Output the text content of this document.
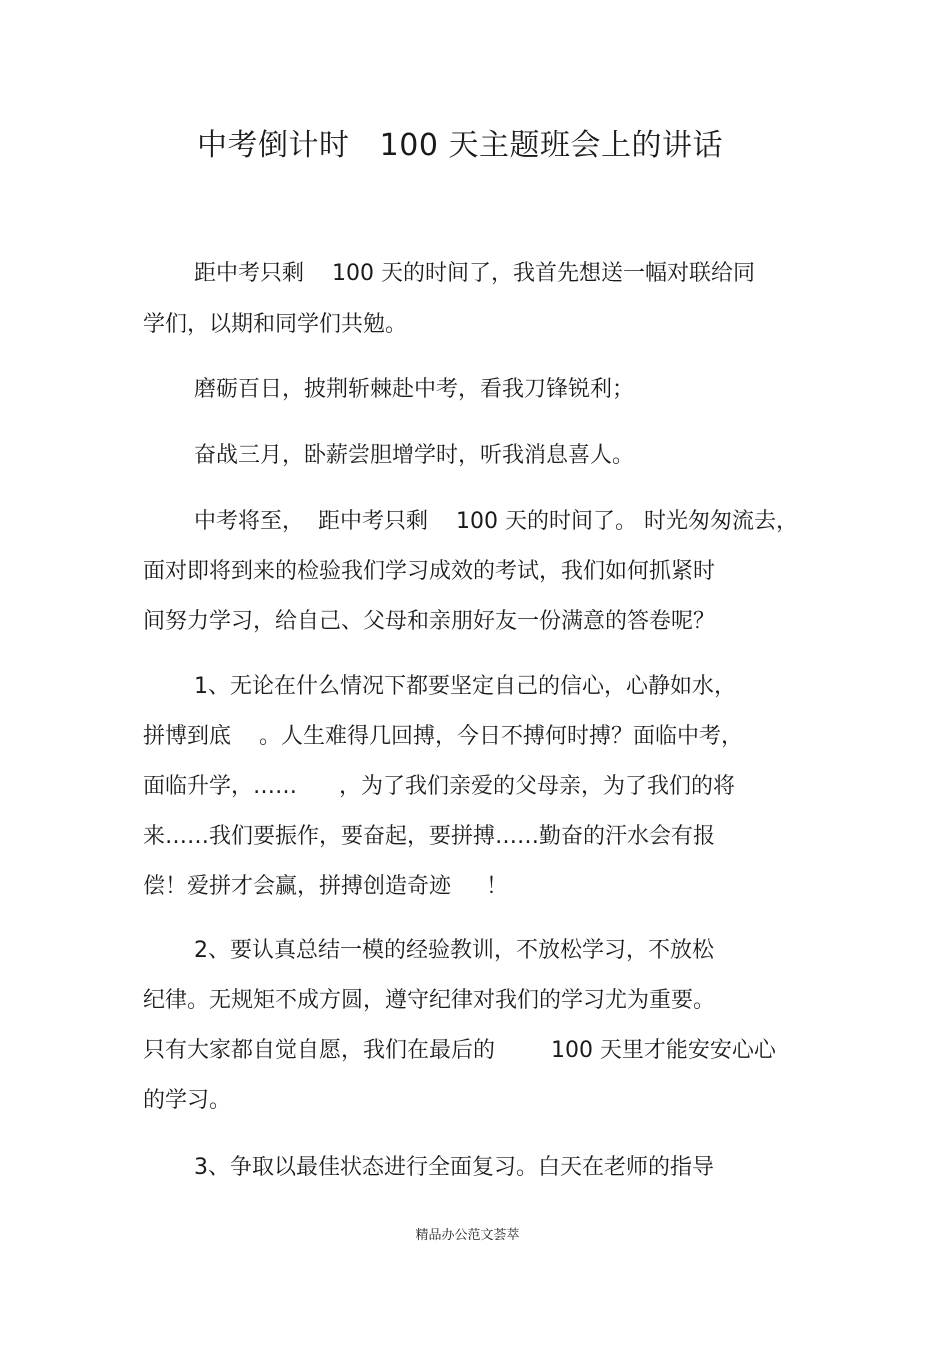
中考倒计时   100 天主题班会上的讲话
距中考只剩    100 天的时间了，我首先想送一幅对联给同
学们，以期和同学们共勉。
磨砺百日，披荆斩棘赴中考，看我刀锋锐利；
奋战三月，卧薪尝胆增学时，听我消息喜人。
中考将至，  距中考只剩    100 天的时间了。 时光匆匆流去，
面对即将到来的检验我们学习成效的考试，我们如何抓紧时
间努力学习，给自己、父母和亲朋好友一份满意的答卷呢？
1、无论在什么情况下都要坚定自己的信心，心静如水，
拼博到底    。人生难得几回搏，今日不搏何时搏？面临中考，
面临升学，……      ，为了我们亲爱的父母亲，为了我们的将
来……我们要振作，要奋起，要拼搏……勤奋的汗水会有报
偿！爱拼才会赢，拼搏创造奇迹     ！
2、要认真总结一模的经验教训，不放松学习，不放松
纪律。无规矩不成方圆，遵守纪律对我们的学习尤为重要。
只有大家都自觉自愿，我们在最后的        100 天里才能安安心心
的学习。
3、争取以最佳状态进行全面复习。白天在老师的指导
精品办公范文荟萃
